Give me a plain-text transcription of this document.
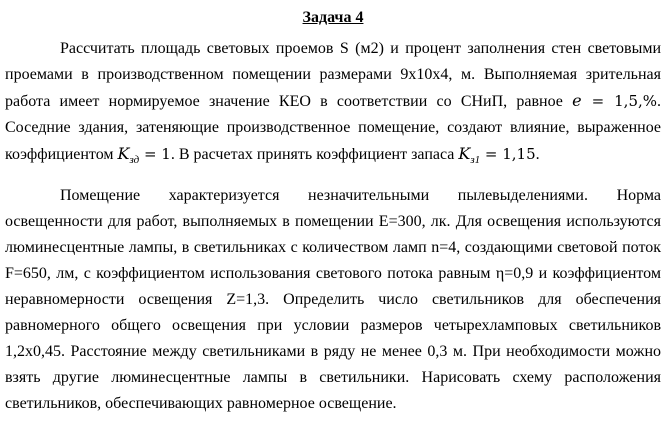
Задача 4

Рассчитать площадь световых проемов S (м2) и процент заполнения стен световыми проемами в производственном помещении размерами 9х10х4, м. Выполняемая зрительная работа имеет нормируемое значение КЕО в соответствии со СНиП, равное e = 1,5,%. Соседние здания, затеняющие производственное помещение, создают влияние, выраженное коэффициентом $K_{зд} = 1$. В расчетах принять коэффициент запаса $K_{з1} = 1,15$.

Помещение характеризуется незначительными пылевыделениями. Норма освещенности для работ, выполняемых в помещении E=300, лк. Для освещения используются люминесцентные лампы, в светильниках с количеством ламп n=4, создающими световой поток F=650, лм, с коэффициентом использования светового потока равным η=0,9 и коэффициентом неравномерности освещения Z=1,3. Определить число светильников для обеспечения равномерного общего освещения при условии размеров четырехламповых светильников 1,2х0,45. Расстояние между светильниками в ряду не менее 0,3 м. При необходимости можно взять другие люминесцентные лампы в светильники. Нарисовать схему расположения светильников, обеспечивающих равномерное освещение.
